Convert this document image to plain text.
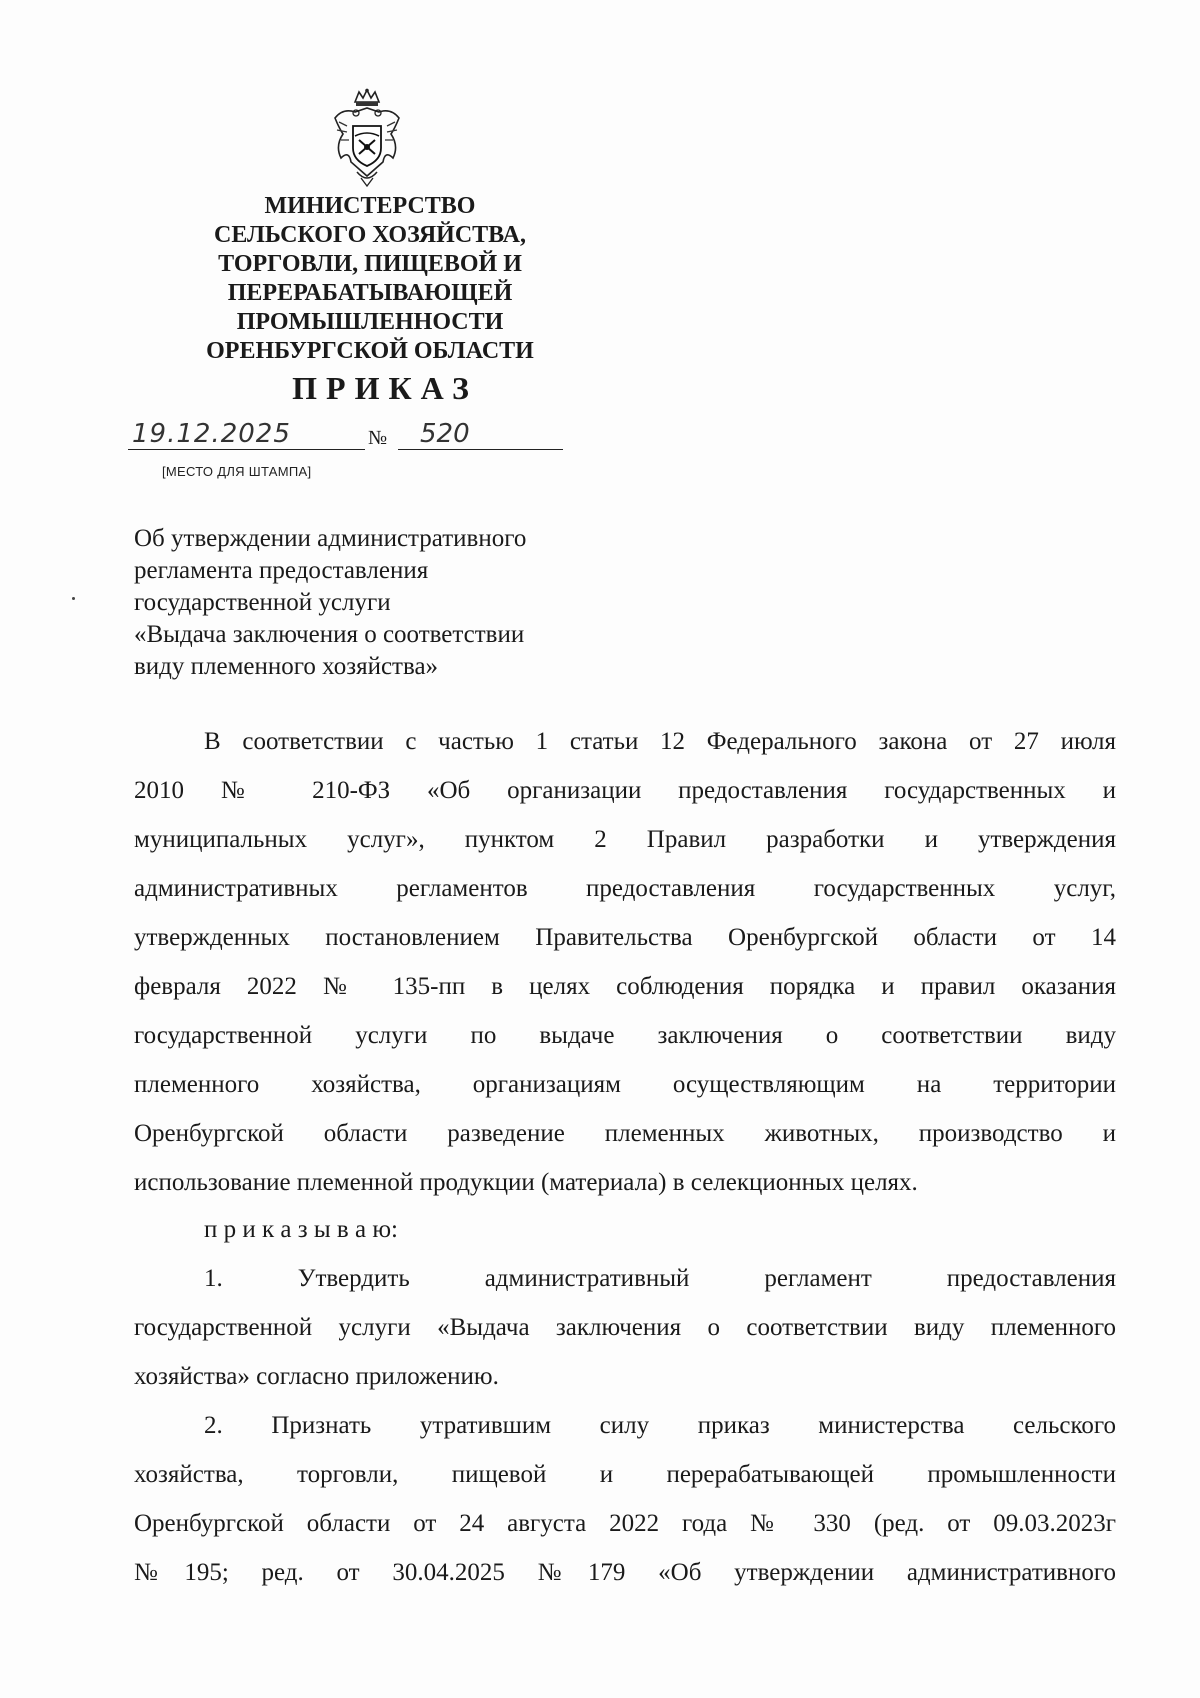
МИНИСТЕРСТВО
СЕЛЬСКОГО ХОЗЯЙСТВА,
ТОРГОВЛИ, ПИЩЕВОЙ И
ПЕРЕРАБАТЫВАЮЩЕЙ
ПРОМЫШЛЕННОСТИ
ОРЕНБУРГСКОЙ ОБЛАСТИ
ПРИКАЗ
19.12.2025	№	520
[МЕСТО ДЛЯ ШТАМПА]
Об утверждении административного
регламента предоставления
государственной услуги
«Выдача заключения о соответствии
виду племенного хозяйства»
В соответствии с частью 1 статьи 12 Федерального закона от 27 июля
2010 № 210-ФЗ «Об организации предоставления государственных и
муниципальных услуг», пунктом 2 Правил разработки и утверждения
административных регламентов предоставления государственных услуг,
утвержденных постановлением Правительства Оренбургской области от 14
февраля 2022 № 135-пп в целях соблюдения порядка и правил оказания
государственной услуги по выдаче заключения о соответствии виду
племенного хозяйства, организациям осуществляющим на территории
Оренбургской области разведение племенных животных, производство и
использование племенной продукции (материала) в селекционных целях.
п р и к а з ы в а ю:
1. Утвердить административный регламент предоставления
государственной услуги «Выдача заключения о соответствии виду племенного
хозяйства» согласно приложению.
2. Признать утратившим силу приказ министерства сельского
хозяйства, торговли, пищевой и перерабатывающей промышленности
Оренбургской области от 24 августа 2022 года № 330 (ред. от 09.03.2023г
№195; ред. от 30.04.2025 №179 «Об утверждении административного
